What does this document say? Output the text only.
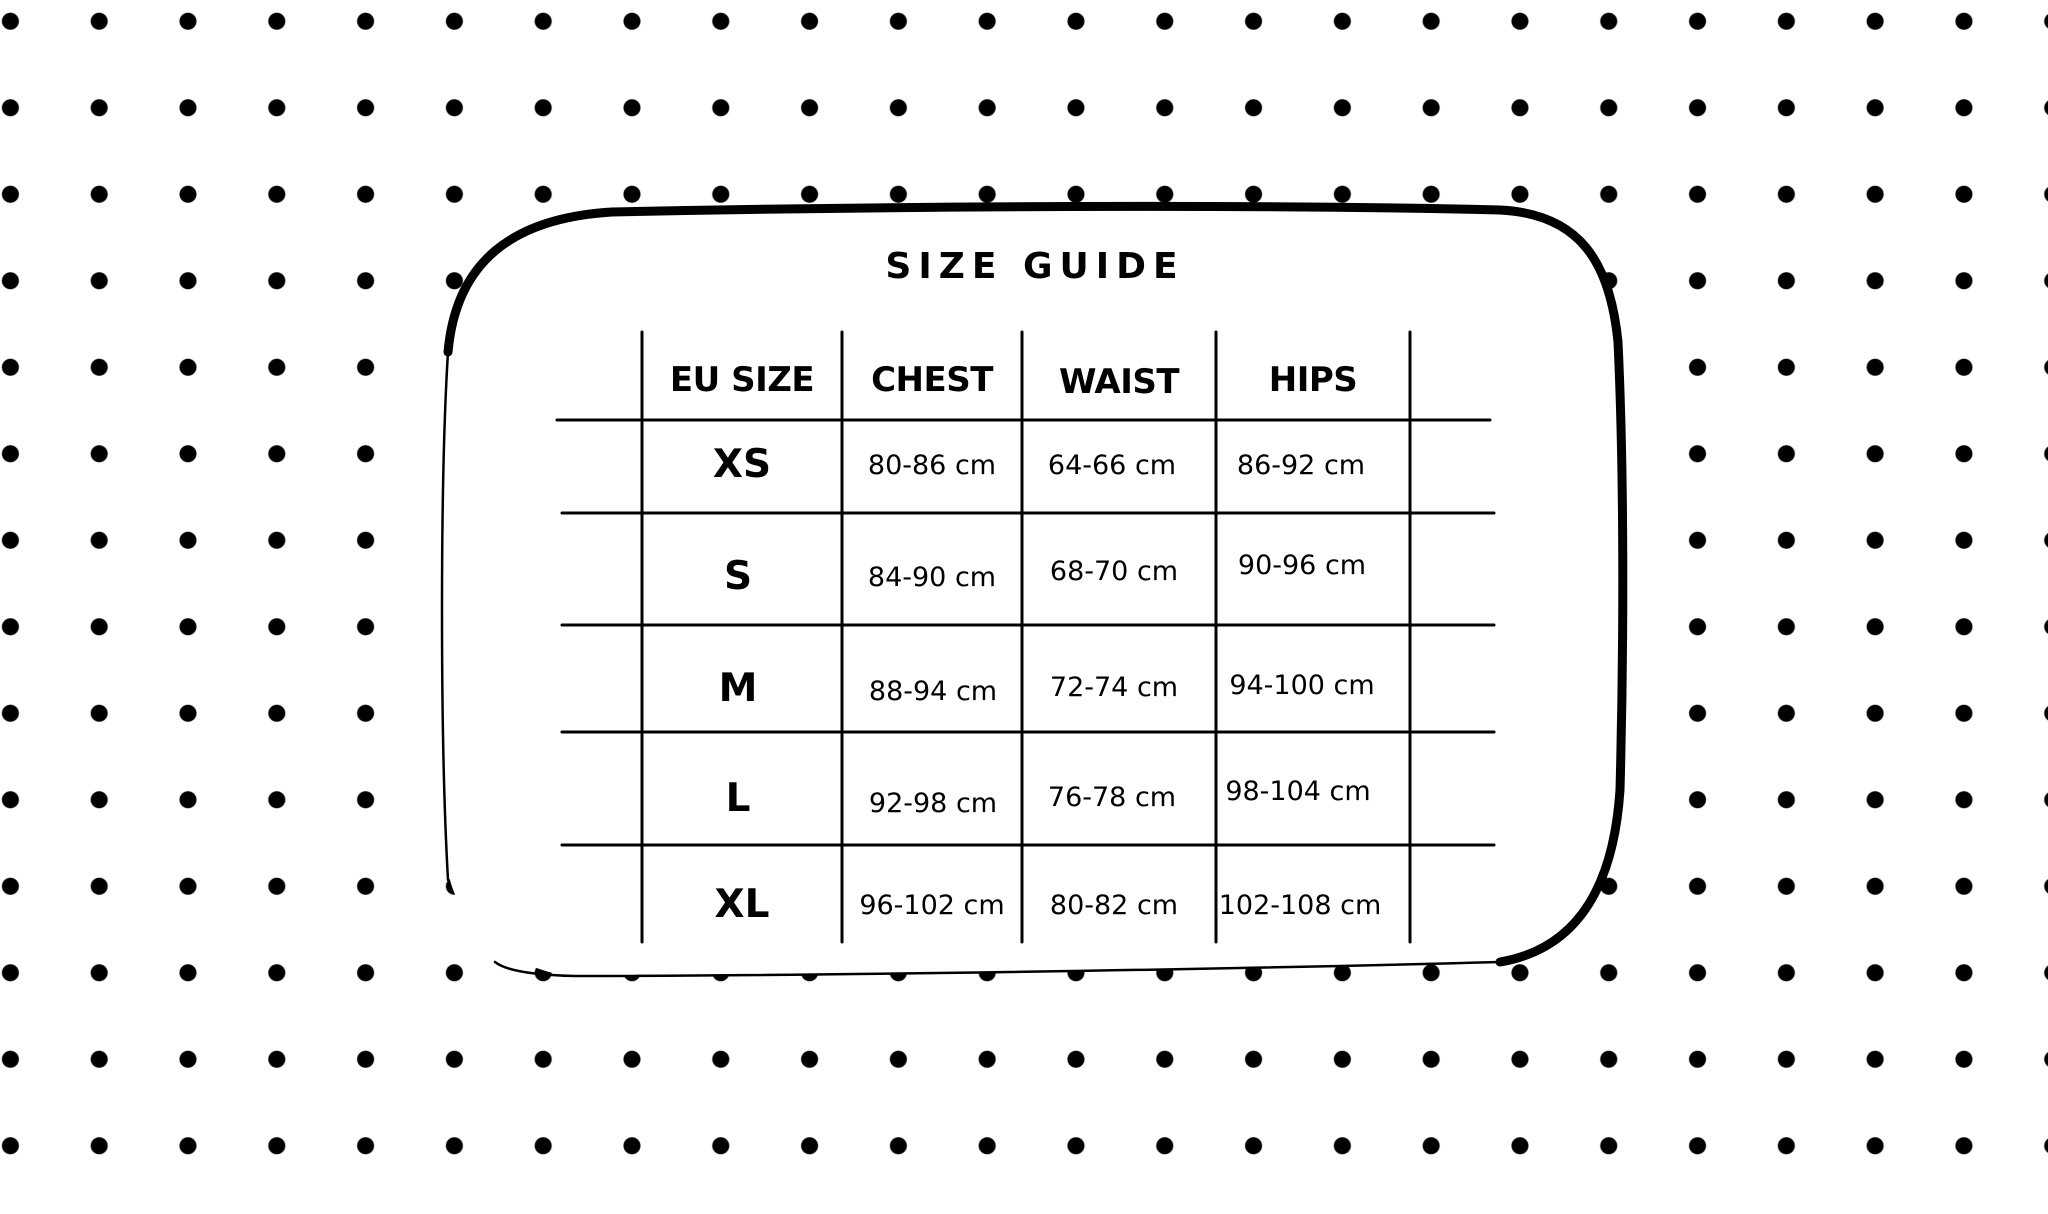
SIZE GUIDE
EU SIZE	CHEST	WAIST	HIPS
XS	80-86 cm	64-66 cm	86-92 cm
S	84-90 cm	68-70 cm	90-96 cm
M	88-94 cm	72-74 cm	94-100 cm
L	92-98 cm	76-78 cm	98-104 cm
XL	96-102 cm	80-82 cm	102-108 cm
